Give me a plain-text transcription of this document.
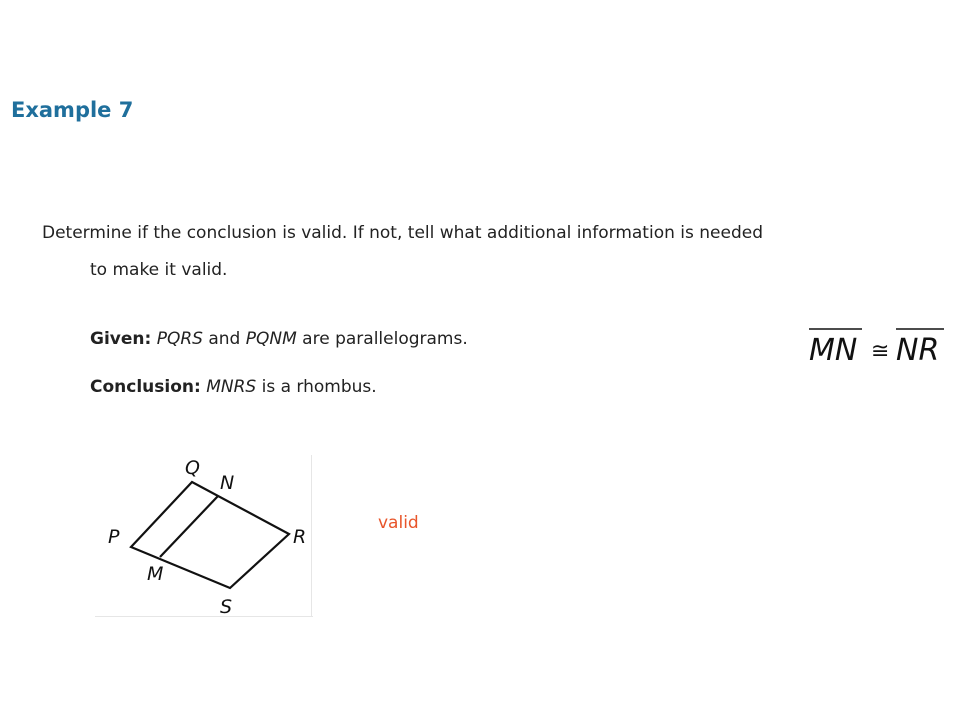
Example 7
Determine if the conclusion is valid. If not, tell what additional information is needed
to make it valid.
Given: PQRS and PQNM are parallelograms.
Conclusion: MNRS is a rhombus.
MN ≅ NR
Q
N
P	R
M
S
valid
